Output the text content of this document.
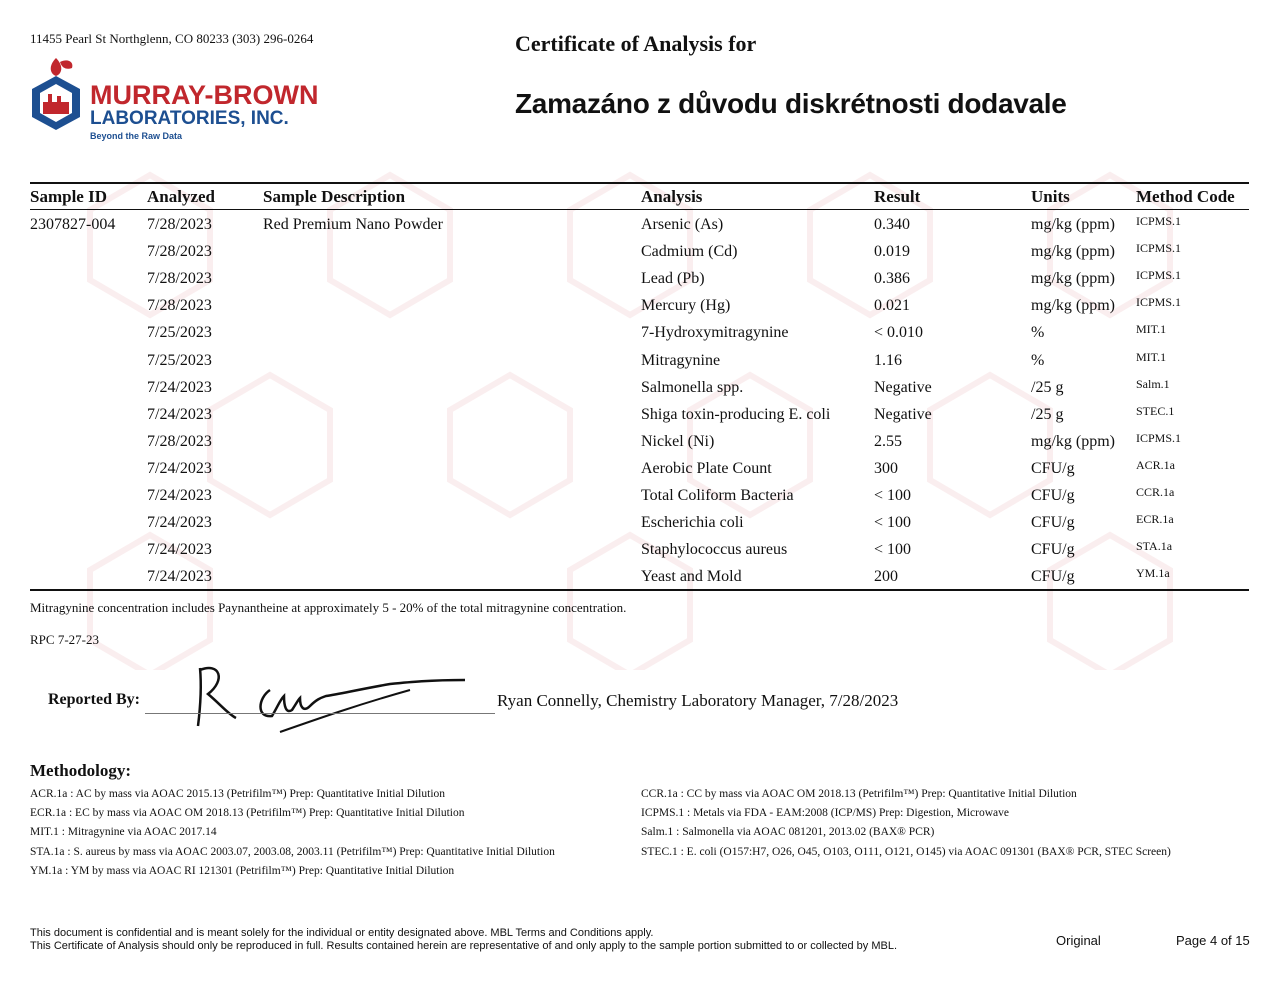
11455 Pearl St Northglenn, CO 80233 (303) 296-0264
MURRAY-BROWN
LABORATORIES, INC.
Beyond the Raw Data
Certificate of Analysis for
Zamazáno z důvodu diskrétnosti dodavale
Sample ID Analyzed	Sample Description	Analysis	Result	Units	Method Code
2307827-004 7/28/2023	Red Premium Nano Powder	Arsenic (As)	0.340	mg/kg (ppm) ICPMS.1
7/28/2023	Cadmium (Cd)	0.019	mg/kg (ppm) ICPMS.1
7/28/2023	Lead (Pb)	0.386	mg/kg (ppm) ICPMS.1
7/28/2023	Mercury (Hg)	0.021	mg/kg (ppm) ICPMS.1
7/25/2023	7-Hydroxymitragynine	< 0.010	%	MIT.1
7/25/2023	Mitragynine	1.16	%	MIT.1
7/24/2023	Salmonella spp.	Negative	/25 g	Salm.1
7/24/2023	Shiga toxin-producing E. coli	Negative	/25 g	STEC.1
7/28/2023	Nickel (Ni)	2.55	mg/kg (ppm) ICPMS.1
7/24/2023	Aerobic Plate Count	300	CFU/g	ACR.1a
7/24/2023	Total Coliform Bacteria	< 100	CFU/g	CCR.1a
7/24/2023	Escherichia coli	< 100	CFU/g	ECR.1a
7/24/2023	Staphylococcus aureus	< 100	CFU/g	STA.1a
7/24/2023	Yeast and Mold	200	CFU/g	YM.1a
Mitragynine concentration includes Paynantheine at approximately 5 - 20% of the total mitragynine concentration.
RPC 7-27-23
Reported By:	Ryan Connelly, Chemistry Laboratory Manager, 7/28/2023
Methodology:
ACR.1a : AC by mass via AOAC 2015.13 (Petrifilm™) Prep: Quantitative Initial Dilution
ECR.1a : EC by mass via AOAC OM 2018.13 (Petrifilm™) Prep: Quantitative Initial Dilution
MIT.1 : Mitragynine via AOAC 2017.14
STA.1a : S. aureus by mass via AOAC 2003.07, 2003.08, 2003.11 (Petrifilm™) Prep: Quantitative Initial Dilution
YM.1a : YM by mass via AOAC RI 121301 (Petrifilm™) Prep: Quantitative Initial Dilution
CCR.1a : CC by mass via AOAC OM 2018.13 (Petrifilm™) Prep: Quantitative Initial Dilution
ICPMS.1 : Metals via FDA - EAM:2008 (ICP/MS) Prep: Digestion, Microwave
Salm.1 : Salmonella via AOAC 081201, 2013.02 (BAX® PCR)
STEC.1 : E. coli (O157:H7, O26, O45, O103, O111, O121, O145) via AOAC 091301 (BAX® PCR, STEC Screen)
This document is confidential and is meant solely for the individual or entity designated above. MBL Terms and Conditions apply.
This Certificate of Analysis should only be reproduced in full. Results contained herein are representative of and only apply to the sample portion submitted to or collected by MBL.	Original	Page 4 of 15
